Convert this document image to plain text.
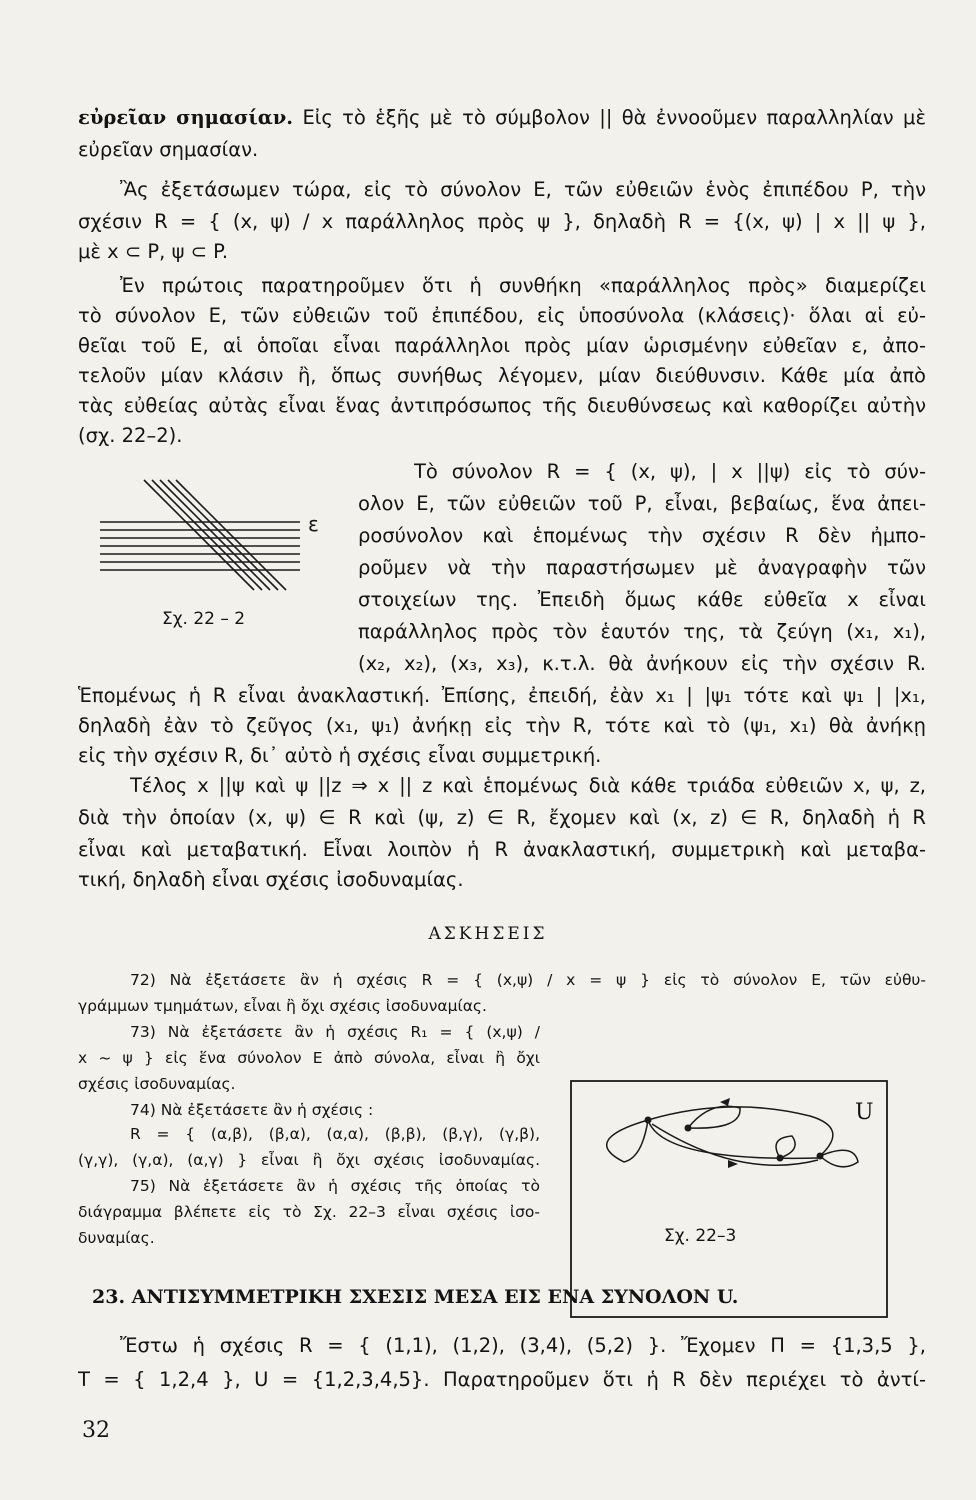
εὐρεῖαν σημασίαν. Εἰς τὸ ἑξῆς μὲ τὸ σύμβολον || θὰ ἐννοοῦμεν παραλληλίαν μὲ
εὐρεῖαν σημασίαν.
Ἂς ἐξετάσωμεν τώρα, εἰς τὸ σύνολον Ε, τῶν εὐθειῶν ἑνὸς ἐπιπέδου Ρ, τὴν
σχέσιν R = { (x, ψ) / x παράλληλος πρὸς ψ }, δηλαδὴ R = {(x, ψ) | x || ψ },
μὲ x ⊂ P, ψ ⊂ P.
Ἐν πρώτοις παρατηροῦμεν ὅτι ἡ συνθήκη «παράλληλος πρὸς» διαμερίζει
τὸ σύνολον Ε, τῶν εὐθειῶν τοῦ ἐπιπέδου, εἰς ὑποσύνολα (κλάσεις)· ὅλαι αἱ εὐ-
θεῖαι τοῦ Ε, αἱ ὁποῖαι εἶναι παράλληλοι πρὸς μίαν ὡρισμένην εὐθεῖαν ε, ἀπο-
τελοῦν μίαν κλάσιν ἢ, ὅπως συνήθως λέγομεν, μίαν διεύθυνσιν. Κάθε μία ἀπὸ
τὰς εὐθείας αὐτὰς εἶναι ἕνας ἀντιπρόσωπος τῆς διευθύνσεως καὶ καθορίζει αὐτὴν
(σχ. 22–2).
ε
Σχ. 22 – 2
Τὸ σύνολον R = { (x, ψ), | x ||ψ) εἰς τὸ σύν-
ολον Ε, τῶν εὐθειῶν τοῦ Ρ, εἶναι, βεβαίως, ἕνα ἀπει-
ροσύνολον καὶ ἑπομένως τὴν σχέσιν R δὲν ἠμπο-
ροῦμεν νὰ τὴν παραστήσωμεν μὲ ἀναγραφὴν τῶν
στοιχείων της. Ἐπειδὴ ὅμως κάθε εὐθεῖα x εἶναι
παράλληλος πρὸς τὸν ἑαυτόν της, τὰ ζεύγη (x₁, x₁),
(x₂, x₂), (x₃, x₃), κ.τ.λ. θὰ ἀνήκουν εἰς τὴν σχέσιν R.
Ἑπομένως ἡ R εἶναι ἀνακλαστική. Ἐπίσης, ἐπειδή, ἐὰν x₁ | |ψ₁ τότε καὶ ψ₁ | |x₁,
δηλαδὴ ἐὰν τὸ ζεῦγος (x₁, ψ₁) ἀνήκῃ εἰς τὴν R, τότε καὶ τὸ (ψ₁, x₁) θὰ ἀνήκῃ
εἰς τὴν σχέσιν R, δι᾽ αὐτὸ ἡ σχέσις εἶναι συμμετρική.
Τέλος x ||ψ καὶ ψ ||z ⇒ x || z καὶ ἑπομένως διὰ κάθε τριάδα εὐθειῶν x, ψ, z,
διὰ τὴν ὁποίαν (x, ψ) ∈ R καὶ (ψ, z) ∈ R, ἔχομεν καὶ (x, z) ∈ R, δηλαδὴ ἡ R
εἶναι καὶ μεταβατική. Εἶναι λοιπὸν ἡ R ἀνακλαστική, συμμετρικὴ καὶ μεταβα-
τική, δηλαδὴ εἶναι σχέσις ἰσοδυναμίας.
ΑΣΚΗΣΕΙΣ
72) Νὰ ἐξετάσετε ἂν ἡ σχέσις R = { (x,ψ) / x = ψ } εἰς τὸ σύνολον Ε, τῶν εὐθυ-
γράμμων τμημάτων, εἶναι ἢ ὄχι σχέσις ἰσοδυναμίας.
73) Νὰ ἐξετάσετε ἂν ἡ σχέσις R₁ = { (x,ψ) /
x ~ ψ } εἰς ἕνα σύνολον Ε ἀπὸ σύνολα, εἶναι ἢ ὄχι
σχέσις ἰσοδυναμίας.
74) Νὰ ἐξετάσετε ἂν ἡ σχέσις :
R = { (α,β), (β,α), (α,α), (β,β), (β,γ), (γ,β),
(γ,γ), (γ,α), (α,γ) } εἶναι ἢ ὄχι σχέσις ἰσοδυναμίας.
75) Νὰ ἐξετάσετε ἂν ἡ σχέσις τῆς ὁποίας τὸ
διάγραμμα βλέπετε εἰς τὸ Σχ. 22–3 εἶναι σχέσις ἰσο-
δυναμίας.
U
Σχ. 22–3
23. ΑΝΤΙΣΥΜΜΕΤΡΙΚΗ ΣΧΕΣΙΣ ΜΕΣΑ ΕΙΣ ΕΝΑ ΣΥΝΟΛΟΝ U.
Ἔστω ἡ σχέσις R = { (1,1), (1,2), (3,4), (5,2) }. Ἔχομεν Π = {1,3,5 },
Τ = { 1,2,4 }, U = {1,2,3,4,5}. Παρατηροῦμεν ὅτι ἡ R δὲν περιέχει τὸ ἀντί-
32
